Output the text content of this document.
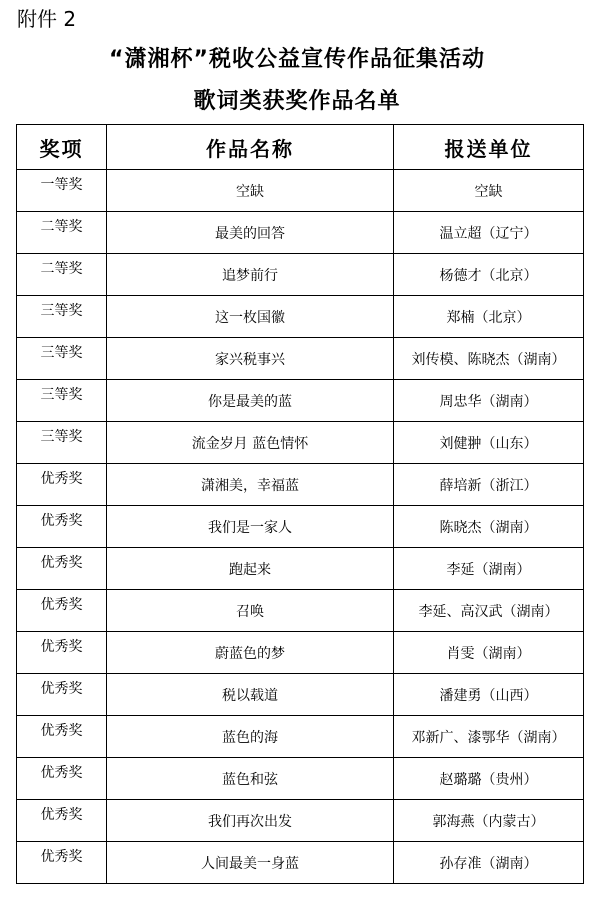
附件 2
“潇湘杯”税收公益宣传作品征集活动
歌词类获奖作品名单
奖项	作品名称	报送单位
一等奖	空缺	空缺
二等奖	最美的回答	温立超（辽宁）
二等奖	追梦前行	杨德才（北京）
三等奖	这一枚国徽	郑楠（北京）
三等奖	家兴税事兴	刘传模、陈晓杰（湖南）
三等奖	你是最美的蓝	周忠华（湖南）
三等奖	流金岁月 蓝色情怀	刘健翀（山东）
优秀奖	潇湘美，幸福蓝	薛培新（浙江）
优秀奖	我们是一家人	陈晓杰（湖南）
优秀奖	跑起来	李延（湖南）
优秀奖	召唤	李延、高汉武（湖南）
优秀奖	蔚蓝色的梦	肖雯（湖南）
优秀奖	税以载道	潘建勇（山西）
优秀奖	蓝色的海	邓新广、漆鄂华（湖南）
优秀奖	蓝色和弦	赵璐璐（贵州）
优秀奖	我们再次出发	郭海燕（内蒙古）
优秀奖	人间最美一身蓝	孙存准（湖南）
